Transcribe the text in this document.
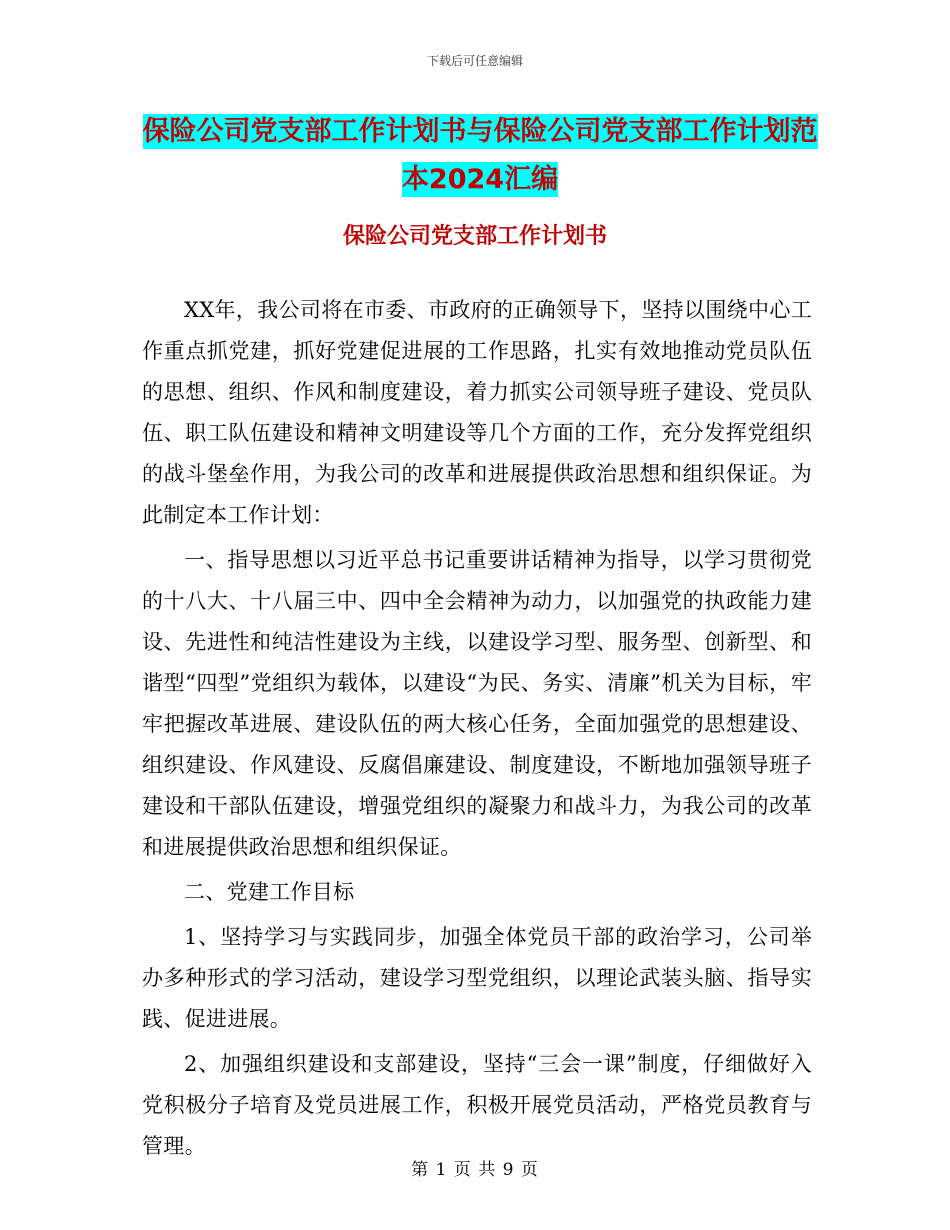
下载后可任意编辑
保险公司党支部工作计划书与保险公司党支部工作计划范本2024汇编
保险公司党支部工作计划书

XX年，我公司将在市委、市政府的正确领导下，坚持以围绕中心工作重点抓党建，抓好党建促进展的工作思路，扎实有效地推动党员队伍的思想、组织、作风和制度建设，着力抓实公司领导班子建设、党员队伍、职工队伍建设和精神文明建设等几个方面的工作，充分发挥党组织的战斗堡垒作用，为我公司的改革和进展提供政治思想和组织保证。为此制定本工作计划：

一、指导思想以习近平总书记重要讲话精神为指导，以学习贯彻党的十八大、十八届三中、四中全会精神为动力，以加强党的执政能力建设、先进性和纯洁性建设为主线，以建设学习型、服务型、创新型、和谐型“四型”党组织为载体，以建设“为民、务实、清廉”机关为目标，牢牢把握改革进展、建设队伍的两大核心任务，全面加强党的思想建设、组织建设、作风建设、反腐倡廉建设、制度建设，不断地加强领导班子建设和干部队伍建设，增强党组织的凝聚力和战斗力，为我公司的改革和进展提供政治思想和组织保证。

二、党建工作目标

1、坚持学习与实践同步，加强全体党员干部的政治学习，公司举办多种形式的学习活动，建设学习型党组织，以理论武装头脑、指导实践、促进进展。

2、加强组织建设和支部建设，坚持“三会一课”制度，仔细做好入党积极分子培育及党员进展工作，积极开展党员活动，严格党员教育与管理。

第 1 页 共 9 页
